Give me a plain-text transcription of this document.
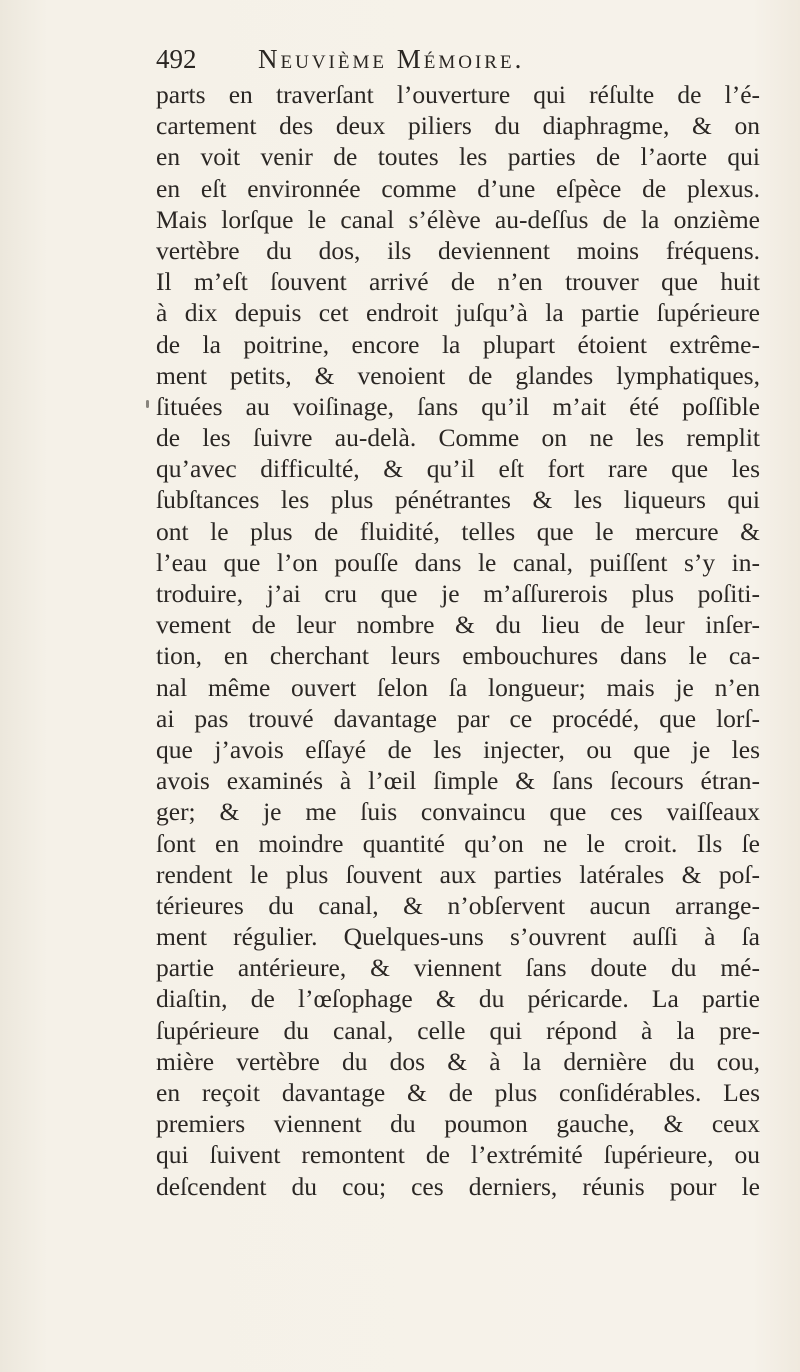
492 Neuvième Mémoire.
parts en traverſant l’ouverture qui réſulte de l’é-
cartement des deux piliers du diaphragme, & on
en voit venir de toutes les parties de l’aorte qui
en eſt environnée comme d’une eſpèce de plexus.
Mais lorſque le canal s’élève au-deſſus de la onzième
vertèbre du dos, ils deviennent moins fréquens.
Il m’eſt ſouvent arrivé de n’en trouver que huit
à dix depuis cet endroit juſqu’à la partie ſupérieure
de la poitrine, encore la plupart étoient extrême-
ment petits, & venoient de glandes lymphatiques,
ſituées au voiſinage, ſans qu’il m’ait été poſſible
de les ſuivre au-delà. Comme on ne les remplit
qu’avec difficulté, & qu’il eſt fort rare que les
ſubſtances les plus pénétrantes & les liqueurs qui
ont le plus de fluidité, telles que le mercure &
l’eau que l’on pouſſe dans le canal, puiſſent s’y in-
troduire, j’ai cru que je m’aſſurerois plus poſiti-
vement de leur nombre & du lieu de leur inſer-
tion, en cherchant leurs embouchures dans le ca-
nal même ouvert ſelon ſa longueur; mais je n’en
ai pas trouvé davantage par ce procédé, que lorſ-
que j’avois eſſayé de les injecter, ou que je les
avois examinés à l’œil ſimple & ſans ſecours étran-
ger; & je me ſuis convaincu que ces vaiſſeaux
ſont en moindre quantité qu’on ne le croit. Ils ſe
rendent le plus ſouvent aux parties latérales & poſ-
térieures du canal, & n’obſervent aucun arrange-
ment régulier. Quelques-uns s’ouvrent auſſi à ſa
partie antérieure, & viennent ſans doute du mé-
diaſtin, de l’œſophage & du péricarde. La partie
ſupérieure du canal, celle qui répond à la pre-
mière vertèbre du dos & à la dernière du cou,
en reçoit davantage & de plus conſidérables. Les
premiers viennent du poumon gauche, & ceux
qui ſuivent remontent de l’extrémité ſupérieure, ou
deſcendent du cou; ces derniers, réunis pour le
